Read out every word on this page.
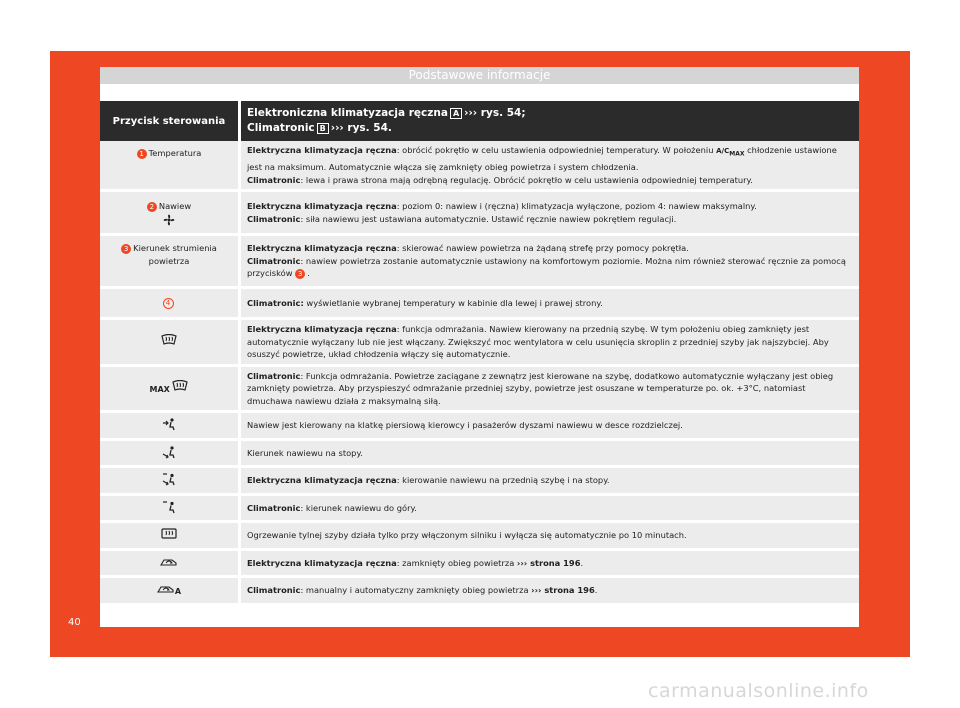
Podstawowe informacje
Przycisk sterowania	Elektroniczna klimatyzacja ręczna A ››› rys. 54;
Climatronic B ››› rys. 54.
1 Temperatura	Elektryczna klimatyzacja ręczna: obrócić pokrętło w celu ustawienia odpowiedniej temperatury. W położeniu $A/C_{MAX}$ chłodzenie ustawione jest na maksimum. Automatycznie włącza się zamknięty obieg powietrza i system chłodzenia.
Climatronic: lewa i prawa strona mają odrębną regulację. Obrócić pokrętło w celu ustawienia odpowiedniej temperatury.
2 Nawiew	Elektryczna klimatyzacja ręczna: poziom 0: nawiew i (ręczna) klimatyzacja wyłączone, poziom 4: nawiew maksymalny.
Climatronic: siła nawiewu jest ustawiana automatycznie. Ustawić ręcznie nawiew pokrętłem regulacji.
3 Kierunek strumienia powietrza	Elektryczna klimatyzacja ręczna: skierować nawiew powietrza na żądaną strefę przy pomocy pokrętła.
Climatronic: nawiew powietrza zostanie automatycznie ustawiony na komfortowym poziomie. Można nim również sterować ręcznie za pomocą przycisków 3 .
4	Climatronic: wyświetlanie wybranej temperatury w kabinie dla lewej i prawej strony.
	Elektryczna klimatyzacja ręczna: funkcja odmrażania. Nawiew kierowany na przednią szybę. W tym położeniu obieg zamknięty jest automatycznie wyłączany lub nie jest włączany. Zwiększyć moc wentylatora w celu usunięcia skroplin z przedniej szyby jak najszybciej. Aby osuszyć powietrze, układ chłodzenia włączy się automatycznie.
MAX	Climatronic: Funkcja odmrażania. Powietrze zaciągane z zewnątrz jest kierowane na szybę, dodatkowo automatycznie wyłączany jest obieg zamknięty powietrza. Aby przyspieszyć odmrażanie przedniej szyby, powietrze jest osuszane w temperaturze po. ok. +3°C, natomiast dmuchawa nawiewu działa z maksymalną siłą.
	Nawiew jest kierowany na klatkę piersiową kierowcy i pasażerów dyszami nawiewu w desce rozdzielczej.
	Kierunek nawiewu na stopy.
	Elektryczna klimatyzacja ręczna: kierowanie nawiewu na przednią szybę i na stopy.
	Climatronic: kierunek nawiewu do góry.
	Ogrzewanie tylnej szyby działa tylko przy włączonym silniku i wyłącza się automatycznie po 10 minutach.
	Elektryczna klimatyzacja ręczna: zamknięty obieg powietrza ››› strona 196.
A	Climatronic: manualny i automatyczny zamknięty obieg powietrza ››› strona 196.
40
carmanualsonline.info
